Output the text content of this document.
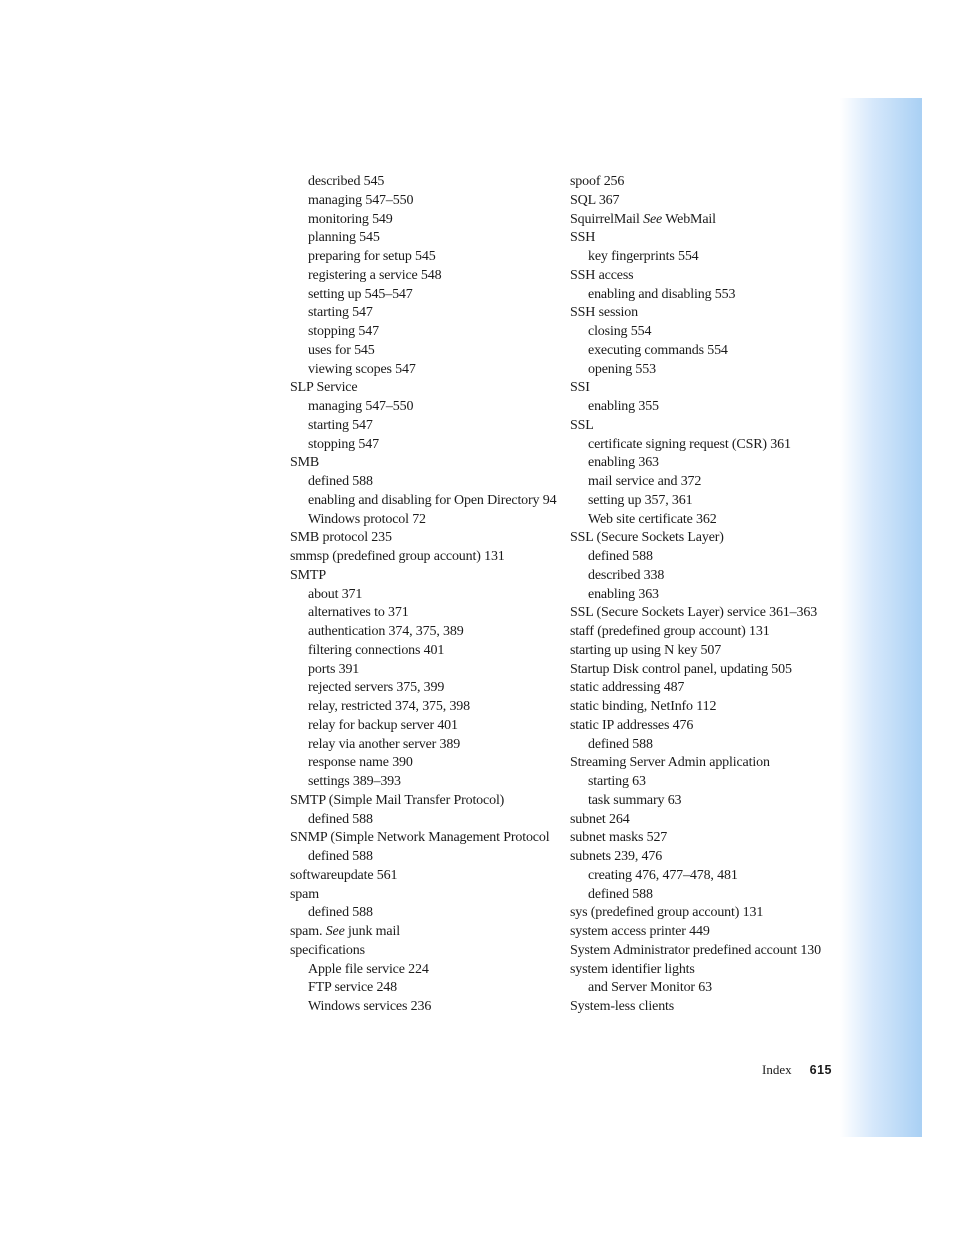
described 545
managing 547–550
monitoring 549
planning 545
preparing for setup 545
registering a service 548
setting up 545–547
starting 547
stopping 547
uses for 545
viewing scopes 547
SLP Service
managing 547–550
starting 547
stopping 547
SMB
defined 588
enabling and disabling for Open Directory 94
Windows protocol 72
SMB protocol 235
smmsp (predefined group account) 131
SMTP
about 371
alternatives to 371
authentication 374, 375, 389
filtering connections 401
ports 391
rejected servers 375, 399
relay, restricted 374, 375, 398
relay for backup server 401
relay via another server 389
response name 390
settings 389–393
SMTP (Simple Mail Transfer Protocol)
defined 588
SNMP (Simple Network Management Protocol
defined 588
softwareupdate 561
spam
defined 588
spam. See junk mail
specifications
Apple file service 224
FTP service 248
Windows services 236
spoof 256
SQL 367
SquirrelMail See WebMail
SSH
key fingerprints 554
SSH access
enabling and disabling 553
SSH session
closing 554
executing commands 554
opening 553
SSI
enabling 355
SSL
certificate signing request (CSR) 361
enabling 363
mail service and 372
setting up 357, 361
Web site certificate 362
SSL (Secure Sockets Layer)
defined 588
described 338
enabling 363
SSL (Secure Sockets Layer) service 361–363
staff (predefined group account) 131
starting up using N key 507
Startup Disk control panel, updating 505
static addressing 487
static binding, NetInfo 112
static IP addresses 476
defined 588
Streaming Server Admin application
starting 63
task summary 63
subnet 264
subnet masks 527
subnets 239, 476
creating 476, 477–478, 481
defined 588
sys (predefined group account) 131
system access printer 449
System Administrator predefined account 130
system identifier lights
and Server Monitor 63
System-less clients
Index 615
